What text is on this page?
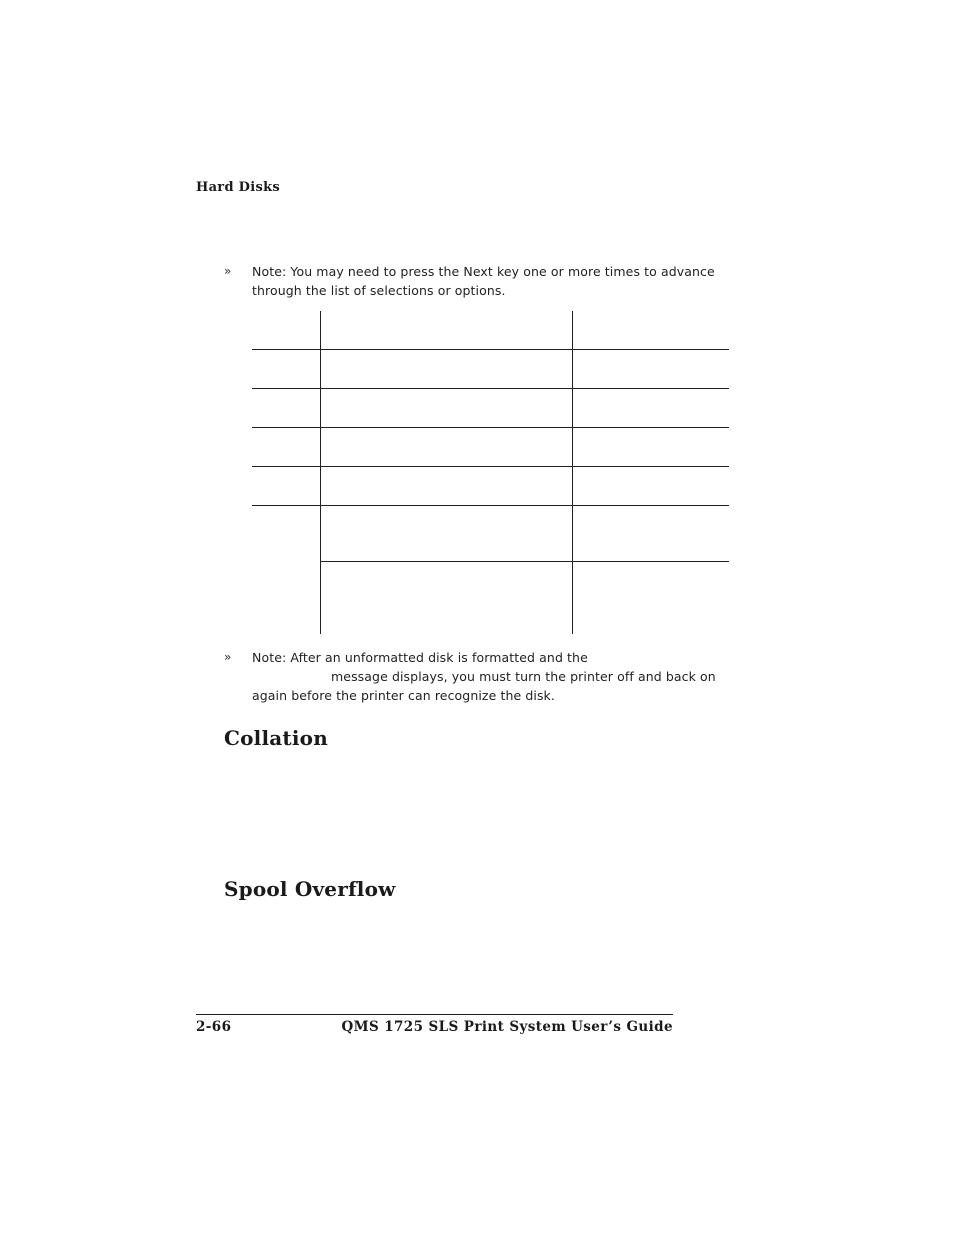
Hard Disks
» Note: You may need to press the Next key one or more times to advance
through the list of selections or options.
» Note: After an unformatted disk is formatted and the
message displays, you must turn the printer off and back on
again before the printer can recognize the disk.
Collation
Spool Overflow
2-66	QMS 1725 SLS Print System User’s Guide
